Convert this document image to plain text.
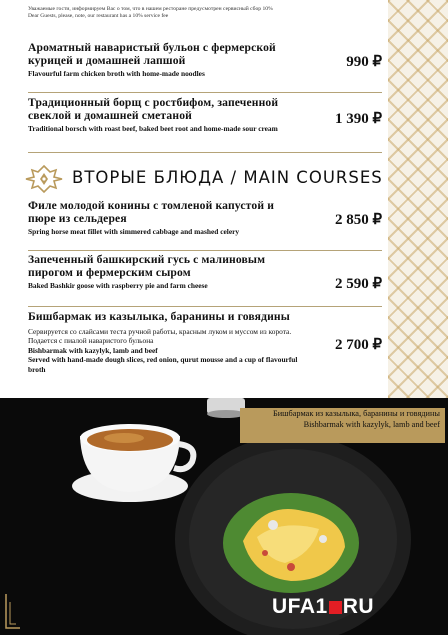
Уважаемые гости, информируем Вас о том, что в нашем ресторане предусмотрен сервисный сбор 10%
Dear Guests, please, note, our restaurant has a 10% service fee
Ароматный наваристый бульон с фермерской курицей и домашней лапшой
Flavourful farm chicken broth with home-made noodles
990 ₽
Традиционный борщ с ростбифом, запеченной свеклой и домашней сметаной
Traditional borsch with roast beef, baked beet root and home-made sour cream
1 390 ₽
ВТОРЫЕ БЛЮДА / MAIN COURSES
Филе молодой конины с томленой капустой и пюре из сельдерея
Spring horse meat fillet with simmered cabbage and mashed celery
2 850 ₽
Запеченный башкирский гусь с малиновым пирогом и фермерским сыром
Baked Bashkir goose with raspberry pie and farm cheese	2 590 ₽
Бишбармак из казылыка, баранины и говядины
Сервируется со слайсами теста ручной работы, красным луком и муссом из корота. Подается с пиалой наваристого бульона
Bishbarmak with kazylyk, lamb and beef
Served with hand-made dough slices, red onion, qurut mousse and a cup of flavourful broth
2 700 ₽
Бишбармак из казылыка, баранины и говядины
Bishbarmak with kazylyk, lamb and beef
UFA1 RU
